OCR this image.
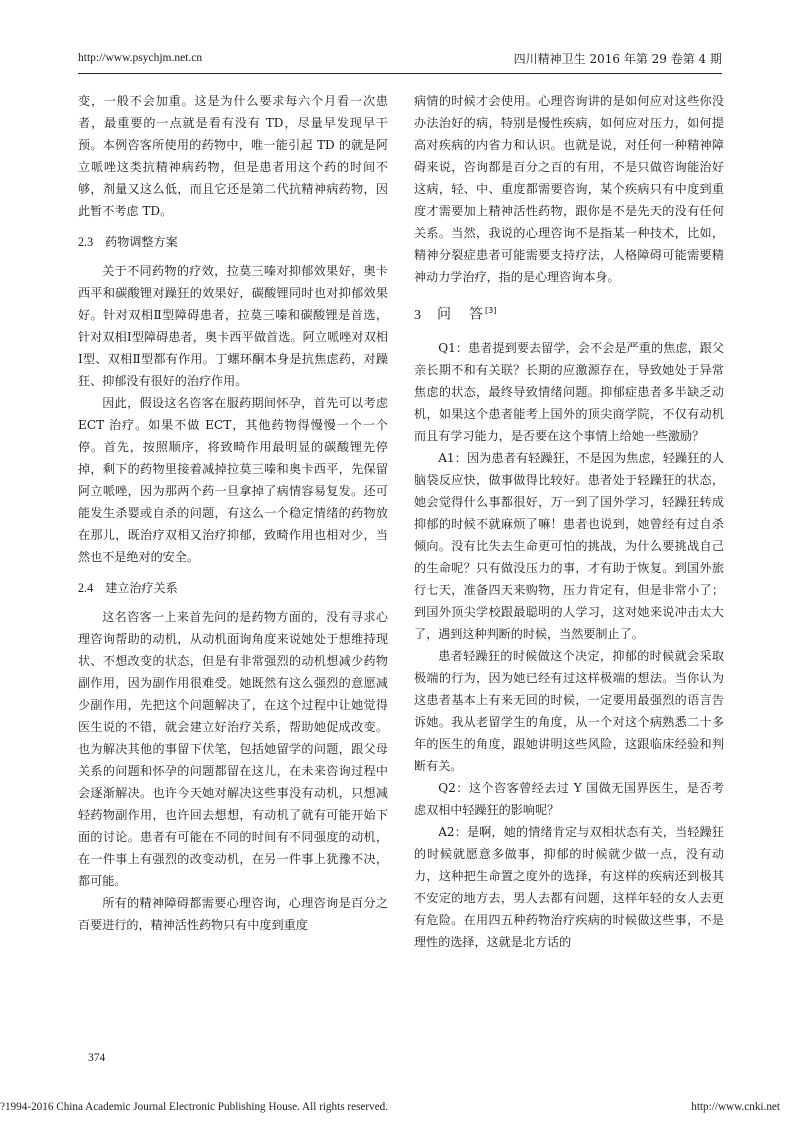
http://www.psychjm.net.cn	四川精神卫生 2016 年第 29 卷第 4 期

变，一般不会加重。这是为什么要求每六个月看一次患者，最重要的一点就是看有没有 TD，尽量早发现早干预。本例咨客所使用的药物中，唯一能引起 TD 的就是阿立哌唑这类抗精神病药物，但是患者用这个药的时间不够，剂量又这么低，而且它还是第二代抗精神病药物，因此暂不考虑 TD。

2.3 药物调整方案

关于不同药物的疗效，拉莫三嗪对抑郁效果好，奥卡西平和碳酸锂对躁狂的效果好，碳酸锂同时也对抑郁效果好。针对双相Ⅱ型障碍患者，拉莫三嗪和碳酸锂是首选，针对双相Ⅰ型障碍患者，奥卡西平做首选。阿立哌唑对双相Ⅰ型、双相Ⅱ型都有作用。丁螺环酮本身是抗焦虑药，对躁狂、抑郁没有很好的治疗作用。

因此，假设这名咨客在服药期间怀孕，首先可以考虑 ECT 治疗。如果不做 ECT，其他药物得慢慢一个一个停。首先，按照顺序，将致畸作用最明显的碳酸锂先停掉，剩下的药物里接着减掉拉莫三嗪和奥卡西平，先保留阿立哌唑，因为那两个药一旦拿掉了病情容易复发。还可能发生杀婴或自杀的问题，有这么一个稳定情绪的药物放在那儿，既治疗双相又治疗抑郁，致畸作用也相对少，当然也不是绝对的安全。

2.4 建立治疗关系

这名咨客一上来首先问的是药物方面的，没有寻求心理咨询帮助的动机，从动机面询角度来说她处于想维持现状、不想改变的状态，但是有非常强烈的动机想减少药物副作用，因为副作用很难受。她既然有这么强烈的意愿减少副作用，先把这个问题解决了，在这个过程中让她觉得医生说的不错，就会建立好治疗关系，帮助她促成改变。也为解决其他的事留下伏笔，包括她留学的问题，跟父母关系的问题和怀孕的问题都留在这儿，在未来咨询过程中会逐渐解决。也许今天她对解决这些事没有动机，只想减轻药物副作用，也许回去想想，有动机了就有可能开始下面的讨论。患者有可能在不同的时间有不同强度的动机，在一件事上有强烈的改变动机，在另一件事上犹豫不决，都可能。

所有的精神障碍都需要心理咨询，心理咨询是百分之百要进行的，精神活性药物只有中度到重度

病情的时候才会使用。心理咨询讲的是如何应对这些你没办法治好的病，特别是慢性疾病，如何应对压力，如何提高对疾病的内省力和认识。也就是说，对任何一种精神障碍来说，咨询都是百分之百的有用，不是只做咨询能治好这病，轻、中、重度都需要咨询，某个疾病只有中度到重度才需要加上精神活性药物，跟你是不是先天的没有任何关系。当然，我说的心理咨询不是指某一种技术，比如，精神分裂症患者可能需要支持疗法，人格障碍可能需要精神动力学治疗，指的是心理咨询本身。

3 问　答[3]

Q1：患者提到要去留学，会不会是严重的焦虑，跟父亲长期不和有关联？长期的应激源存在，导致她处于异常焦虑的状态，最终导致情绪问题。抑郁症患者多半缺乏动机，如果这个患者能考上国外的顶尖商学院，不仅有动机而且有学习能力，是否要在这个事情上给她一些激励？

A1：因为患者有轻躁狂，不是因为焦虑，轻躁狂的人脑袋反应快，做事做得比较好。患者处于轻躁狂的状态，她会觉得什么事都很好，万一到了国外学习，轻躁狂转成抑郁的时候不就麻烦了嘛！患者也说到，她曾经有过自杀倾向。没有比失去生命更可怕的挑战，为什么要挑战自己的生命呢？只有做没压力的事，才有助于恢复。到国外旅行七天，准备四天来购物，压力肯定有，但是非常小了；到国外顶尖学校跟最聪明的人学习，这对她来说冲击太大了，遇到这种判断的时候，当然要制止了。

患者轻躁狂的时候做这个决定，抑郁的时候就会采取极端的行为，因为她已经有过这样极端的想法。当你认为这患者基本上有来无回的时候，一定要用最强烈的语言告诉她。我从老留学生的角度，从一个对这个病熟悉二十多年的医生的角度，跟她讲明这些风险，这跟临床经验和判断有关。

Q2：这个咨客曾经去过 Y 国做无国界医生，是否考虑双相中轻躁狂的影响呢？

A2：是啊，她的情绪肯定与双相状态有关，当轻躁狂的时候就愿意多做事，抑郁的时候就少做一点，没有动力，这种把生命置之度外的选择，有这样的疾病还到极其不安定的地方去，男人去都有问题，这样年轻的女人去更有危险。在用四五种药物治疗疾病的时候做这些事，不是理性的选择，这就是北方话的

374
?1994-2016 China Academic Journal Electronic Publishing House. All rights reserved.	http://www.cnki.net
